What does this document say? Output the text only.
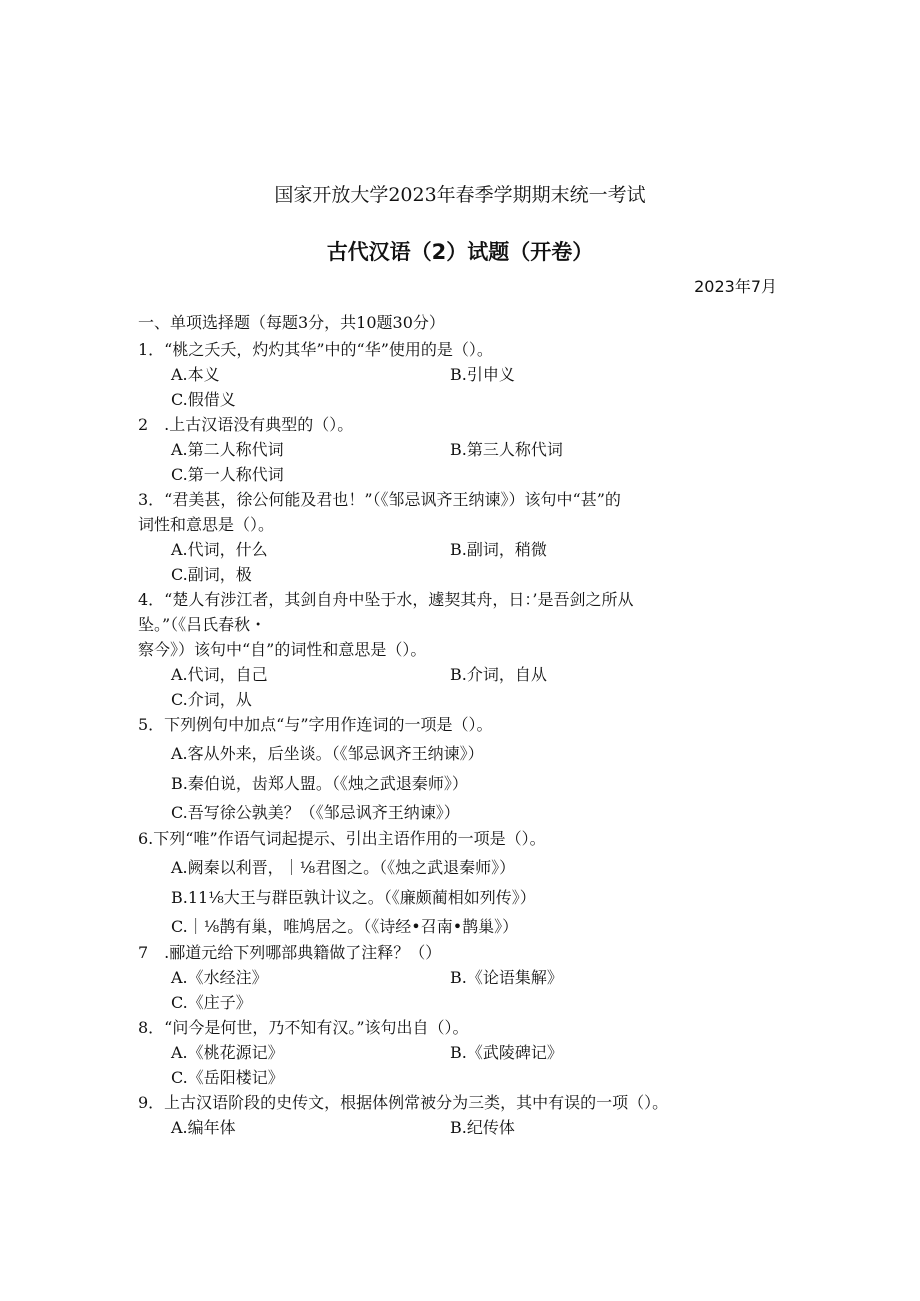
国家开放大学2023年春季学期期末统一考试
古代汉语（2）试题（开卷）
2023年7月
一、单项选择题（每题3分，共10题30分）
1．“桃之夭夭，灼灼其华”中的“华”使用的是（）。
A.本义	B.引申义
C.假借义
2　.上古汉语没有典型的（）。
A.第二人称代词	B.第三人称代词
C.第一人称代词
3．“君美甚，徐公何能及君也！”（《邹忌讽齐王纳谏》）该句中“甚”的
词性和意思是（）。
A.代词，什么	B.副词，稍微
C.副词，极
4．“楚人有涉江者，其剑自舟中坠于水，遽契其舟，日：’是吾剑之所从
坠。”（《吕氏春秋・
察今》）该句中“自”的词性和意思是（）。
A.代词，自己	B.介词，自从
C.介词，从
5．下列例句中加点“与”字用作连词的一项是（）。
A.客从外来，后坐谈。（《邹忌讽齐王纳谏》）
B.秦伯说，齿郑人盟。（《烛之武退秦师》）
C.吾写徐公孰美？（《邹忌讽齐王纳谏》）
6.下列“唯”作语气词起提示、引出主语作用的一项是（）。
A.阙秦以利晋，｜⅛君图之。（《烛之武退秦师》）
B.11⅛大王与群臣孰计议之。（《廉颇蔺相如列传》）
C.｜⅛鹊有巢，唯鸠居之。（《诗经•召南•鹊巢》）
7　.郦道元给下列哪部典籍做了注释？（）
A.《水经注》	B.《论语集解》
C.《庄子》
8．“问今是何世，乃不知有汉。”该句出自（）。
A.《桃花源记》	B.《武陵碑记》
C.《岳阳楼记》
9．上古汉语阶段的史传文，根据体例常被分为三类，其中有误的一项（）。
A.编年体	B.纪传体
